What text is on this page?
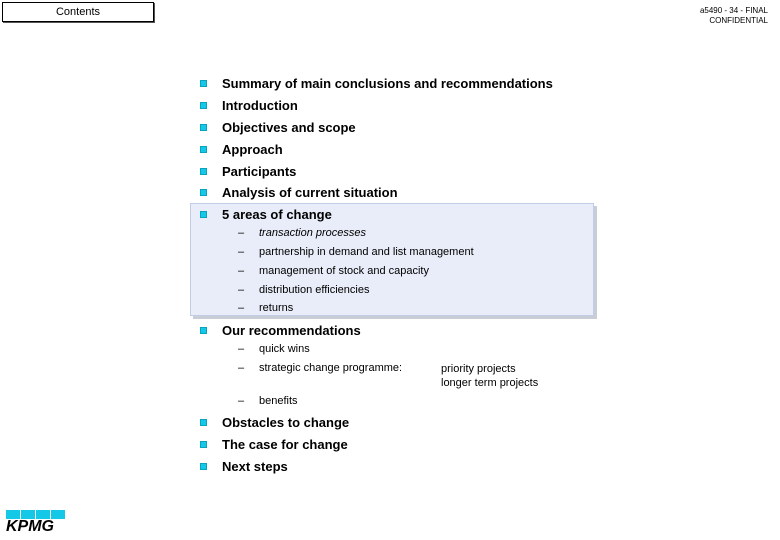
Contents	a5490 - 34 - FINAL
CONFIDENTIAL
Summary of main conclusions and recommendations
Introduction
Objectives and scope
Approach
Participants
Analysis of current situation
5 areas of change
–	transaction processes
–	partnership in demand and list management
–	management of stock and capacity
–	distribution efficiencies
–	returns
Our recommendations
–	quick wins
–	strategic change programme:	priority projects
longer term projects
–	benefits
Obstacles to change
The case for change
Next steps
KPMG
